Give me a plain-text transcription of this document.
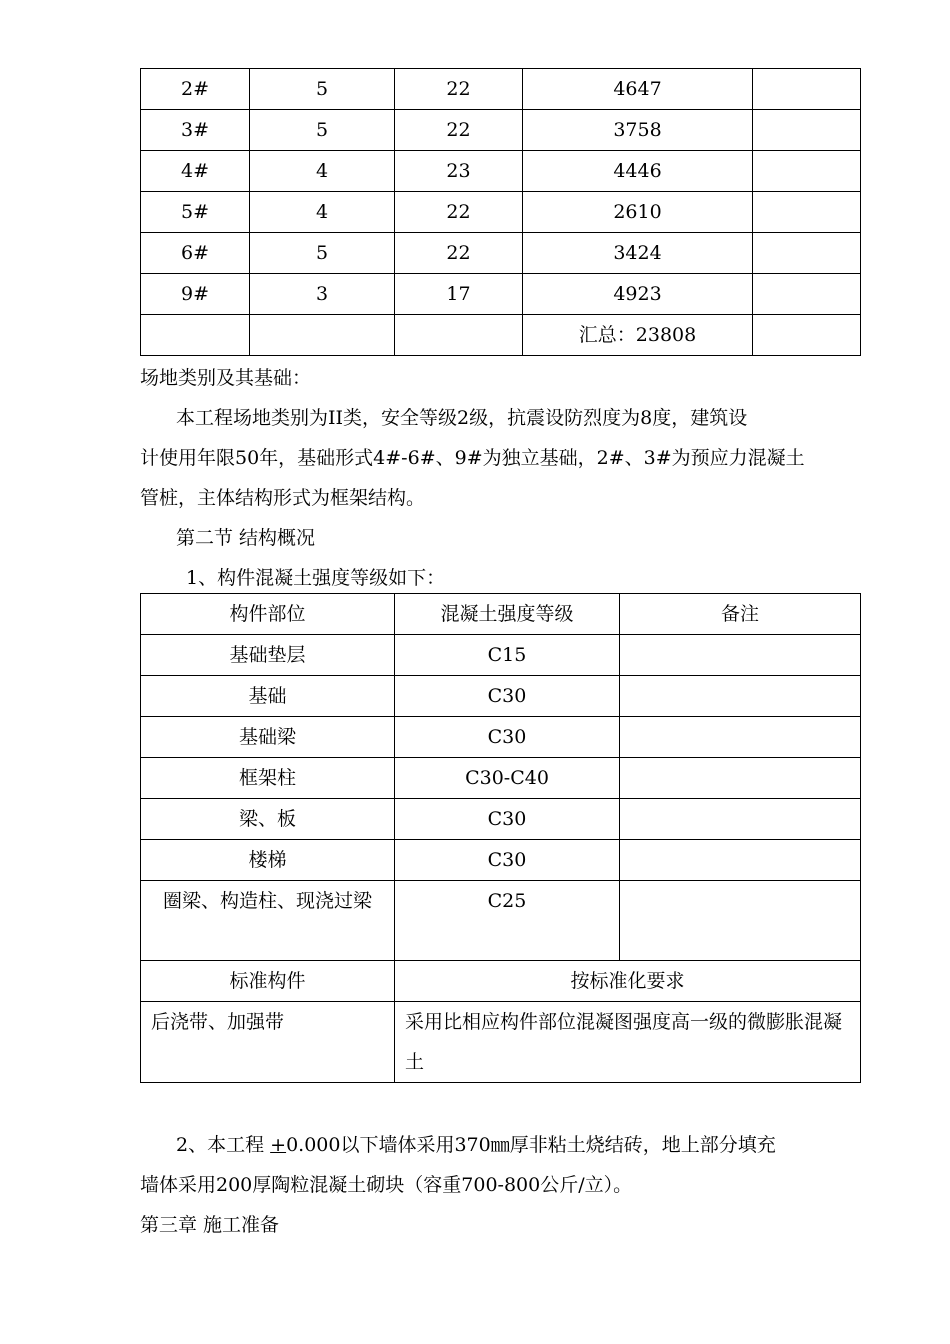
2#	5	22	4647	
3#	5	22	3758	
4#	4	23	4446	
5#	4	22	2610	
6#	5	22	3424	
9#	3	17	4923	
			汇总：23808	
场地类别及其基础：
本工程场地类别为II类，安全等级2级，抗震设防烈度为8度，建筑设
计使用年限50年，基础形式4#-6#、9#为独立基础，2#、3#为预应力混凝土
管桩，主体结构形式为框架结构。
第二节 结构概况
1、构件混凝土强度等级如下：
构件部位	混凝土强度等级	备注
基础垫层	C15	
基础	C30	
基础梁	C30	
框架柱	C30-C40	
梁、板	C30	
楼梯	C30	
圈梁、构造柱、现浇过梁	C25	
标准构件	按标准化要求	
后浇带、加强带	采用比相应构件部位混凝图强度高一级的微膨胀混凝土	
2、本工程 +0.000以下墙体采用370㎜厚非粘土烧结砖，地上部分填充
墙体采用200厚陶粒混凝土砌块（容重700-800公斤/立）。
第三章 施工准备
